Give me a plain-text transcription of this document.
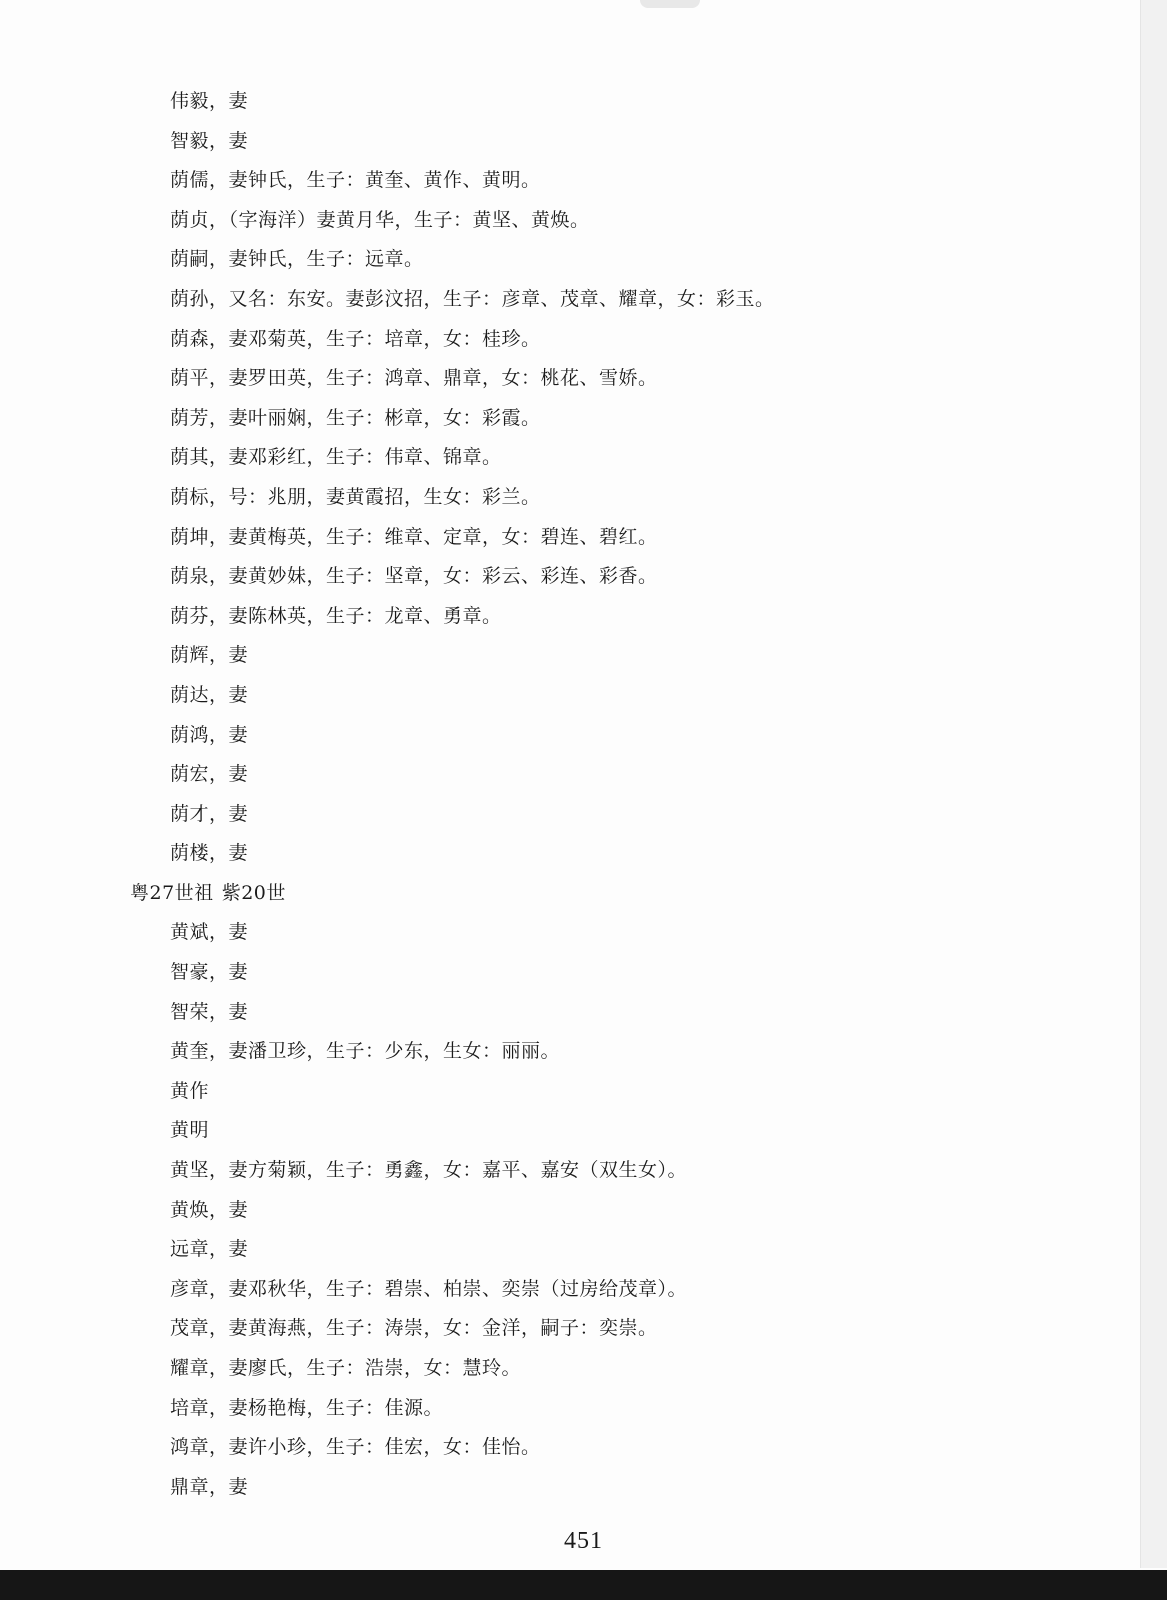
伟毅，妻
智毅，妻
荫儒，妻钟氏，生子：黄奎、黄作、黄明。
荫贞，（字海洋）妻黄月华，生子：黄坚、黄焕。
荫嗣，妻钟氏，生子：远章。
荫孙，又名：东安。妻彭汶招，生子：彦章、茂章、耀章，女：彩玉。
荫森，妻邓菊英，生子：培章，女：桂珍。
荫平，妻罗田英，生子：鸿章、鼎章，女：桃花、雪娇。
荫芳，妻叶丽娴，生子：彬章，女：彩霞。
荫其，妻邓彩红，生子：伟章、锦章。
荫标，号：兆朋，妻黄霞招，生女：彩兰。
荫坤，妻黄梅英，生子：维章、定章，女：碧连、碧红。
荫泉，妻黄妙妹，生子：坚章，女：彩云、彩连、彩香。
荫芬，妻陈林英，生子：龙章、勇章。
荫辉，妻
荫达，妻
荫鸿，妻
荫宏，妻
荫才，妻
荫楼，妻
粤27世祖 紫20世
黄斌，妻
智豪，妻
智荣，妻
黄奎，妻潘卫珍，生子：少东，生女：丽丽。
黄作
黄明
黄坚，妻方菊颖，生子：勇鑫，女：嘉平、嘉安（双生女）。
黄焕，妻
远章，妻
彦章，妻邓秋华，生子：碧崇、柏崇、奕崇（过房给茂章）。
茂章，妻黄海燕，生子：涛崇，女：金洋，嗣子：奕崇。
耀章，妻廖氏，生子：浩崇，女：慧玲。
培章，妻杨艳梅，生子：佳源。
鸿章，妻许小珍，生子：佳宏，女：佳怡。
鼎章，妻
451
